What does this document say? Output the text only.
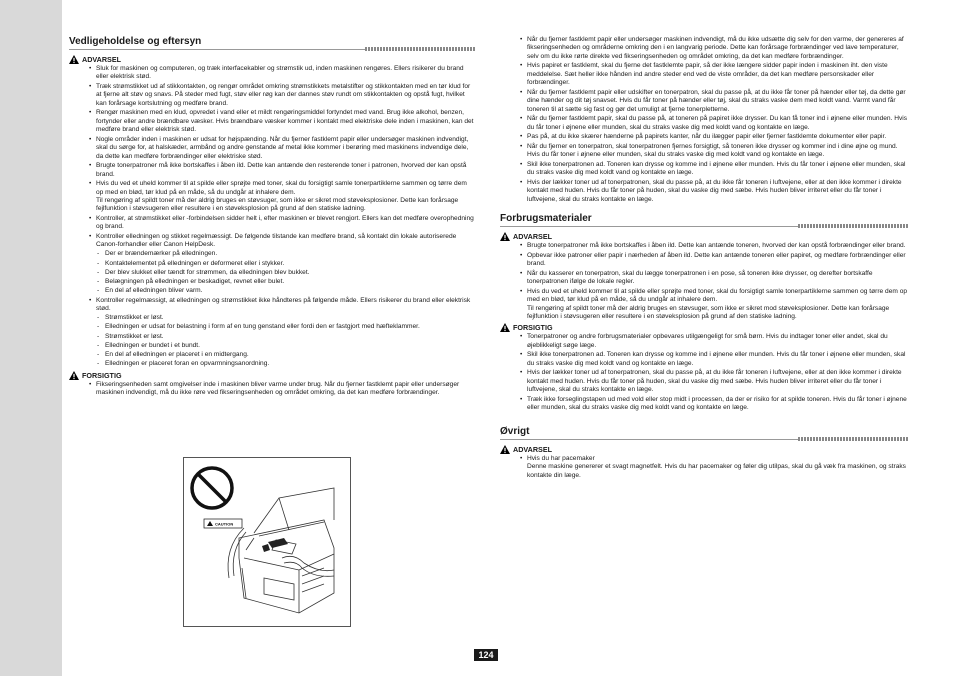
Vedligeholdelse og eftersyn
ADVARSEL
• Sluk for maskinen og computeren, og træk interfacekabler og strømstik ud, inden maskinen rengøres. Ellers risikerer du brand eller elektrisk stød.
• Træk strømstikket ud af stikkontakten, og rengør området omkring strømstikkets metalstifter og stikkontakten med en tør klud for at fjerne alt støv og snavs. På steder med fugt, støv eller røg kan der dannes støv rundt om stikkontakten og opstå fugt, hvilket kan forårsage kortslutning og medføre brand.
• Rengør maskinen med en klud, opvredet i vand eller et mildt rengøringsmiddel fortyndet med vand. Brug ikke alkohol, benzen, fortynder eller andre brændbare væsker. Hvis brændbare væsker kommer i kontakt med elektriske dele inden i maskinen, kan det medføre brand eller elektrisk stød.
• Nogle områder inden i maskinen er udsat for højspænding. Når du fjerner fastklemt papir eller undersøger maskinen indvendigt, skal du sørge for, at halskæder, armbånd og andre genstande af metal ikke kommer i berøring med maskinens indvendige dele, da dette kan medføre forbrændinger eller elektriske stød.
• Brugte tonerpatroner må ikke bortskaffes i åben ild. Dette kan antænde den resterende toner i patronen, hvorved der kan opstå brand.
• Hvis du ved et uheld kommer til at spilde eller sprøjte med toner, skal du forsigtigt samle tonerpartiklerne sammen og tørre dem op med en blød, tør klud på en måde, så du undgår at inhalere dem.
Til rengøring af spildt toner må der aldrig bruges en støvsuger, som ikke er sikret mod støveksplosioner. Dette kan forårsage fejlfunktion i støvsugeren eller resultere i en støveksplosion på grund af den statiske ladning.
• Kontroller, at strømstikket eller -forbindelsen sidder helt i, efter maskinen er blevet rengjort. Ellers kan det medføre overophedning og brand.
• Kontroller elledningen og stikket regelmæssigt. De følgende tilstande kan medføre brand, så kontakt din lokale autoriserede Canon-forhandler eller Canon HelpDesk.
- Der er brændemærker på elledningen.
- Kontaktelementet på elledningen er deformeret eller i stykker.
- Der blev slukket eller tændt for strømmen, da elledningen blev bukket.
- Belægningen på elledningen er beskadiget, revnet eller bulet.
- En del af elledningen bliver varm.
• Kontroller regelmæssigt, at elledningen og strømstikket ikke håndteres på følgende måde. Ellers risikerer du brand eller elektrisk stød.
- Strømstikket er løst.
- Elledningen er udsat for belastning i form af en tung genstand eller fordi den er fastgjort med hæfteklammer.
- Strømstikket er løst.
- Elledningen er bundet i et bundt.
- En del af elledningen er placeret i en midtergang.
- Elledningen er placeret foran en opvarmningsanordning.
FORSIGTIG
• Fikseringsenheden samt omgivelser inde i maskinen bliver varme under brug. Når du fjerner fastklemt papir eller undersøger maskinen indvendigt, må du ikke røre ved fikseringsenheden og området omkring, da det kan medføre forbrændinger.
CAUTION
• Når du fjerner fastklemt papir eller undersøger maskinen indvendigt, må du ikke udsætte dig selv for den varme, der genereres af fikseringsenheden og områderne omkring den i en langvarig periode. Dette kan forårsage forbrændinger ved lave temperaturer, selv om du ikke rørte direkte ved fikseringsenheden og området omkring, da det kan medføre forbrændinger.
• Hvis papiret er fastklemt, skal du fjerne det fastklemte papir, så der ikke længere sidder papir inden i maskinen iht. den viste meddelelse. Sæt heller ikke hånden ind andre steder end ved de viste områder, da det kan medføre personskader eller forbrændinger.
• Når du fjerner fastklemt papir eller udskifter en tonerpatron, skal du passe på, at du ikke får toner på hænder eller tøj, da dette gør dine hænder og dit tøj snavset. Hvis du får toner på hænder eller tøj, skal du straks vaske dem med koldt vand. Varmt vand får toneren til at sætte sig fast og gør det umuligt at fjerne tonerpletterne.
• Når du fjerner fastklemt papir, skal du passe på, at toneren på papiret ikke drysser. Du kan få toner ind i øjnene eller munden. Hvis du får toner i øjnene eller munden, skal du straks vaske dig med koldt vand og kontakte en læge.
• Pas på, at du ikke skærer hænderne på papirets kanter, når du ilægger papir eller fjerner fastklemte dokumenter eller papir.
• Når du fjerner en tonerpatron, skal tonerpatronen fjernes forsigtigt, så toneren ikke drysser og kommer ind i dine øjne og mund. Hvis du får toner i øjnene eller munden, skal du straks vaske dig med koldt vand og kontakte en læge.
• Skil ikke tonerpatronen ad. Toneren kan drysse og komme ind i øjnene eller munden. Hvis du får toner i øjnene eller munden, skal du straks vaske dig med koldt vand og kontakte en læge.
• Hvis der lækker toner ud af tonerpatronen, skal du passe på, at du ikke får toneren i luftvejene, eller at den ikke kommer i direkte kontakt med huden. Hvis du får toner på huden, skal du vaske dig med sæbe. Hvis huden bliver irriteret eller du får toner i luftvejene, skal du straks kontakte en læge.
Forbrugsmaterialer
ADVARSEL
• Brugte tonerpatroner må ikke bortskaffes i åben ild. Dette kan antænde toneren, hvorved der kan opstå forbrændinger eller brand.
• Opbevar ikke patroner eller papir i nærheden af åben ild. Dette kan antænde toneren eller papiret, og medføre forbrændinger eller brand.
• Når du kasserer en tonerpatron, skal du lægge tonerpatronen i en pose, så toneren ikke drysser, og derefter bortskaffe tonerpatronen ifølge de lokale regler.
• Hvis du ved et uheld kommer til at spilde eller sprøjte med toner, skal du forsigtigt samle tonerpartiklerne sammen og tørre dem op med en blød, tør klud på en måde, så du undgår at inhalere dem.
Til rengøring af spildt toner må der aldrig bruges en støvsuger, som ikke er sikret mod støveksplosioner. Dette kan forårsage fejlfunktion i støvsugeren eller resultere i en støveksplosion på grund af den statiske ladning.
FORSIGTIG
• Tonerpatroner og andre forbrugsmaterialer opbevares utilgængeligt for små børn. Hvis du indtager toner eller andet, skal du øjeblikkeligt søge læge.
• Skil ikke tonerpatronen ad. Toneren kan drysse og komme ind i øjnene eller munden. Hvis du får toner i øjnene eller munden, skal du straks vaske dig med koldt vand og kontakte en læge.
• Hvis der lækker toner ud af tonerpatronen, skal du passe på, at du ikke får toneren i luftvejene, eller at den ikke kommer i direkte kontakt med huden. Hvis du får toner på huden, skal du vaske dig med sæbe. Hvis huden bliver irriteret eller du får toner i luftvejene, skal du straks kontakte en læge.
• Træk ikke forseglingstapen ud med vold eller stop midt i processen, da der er risiko for at spilde toneren. Hvis du får toner i øjnene eller munden, skal du straks vaske dig med koldt vand og kontakte en læge.
Øvrigt
ADVARSEL
• Hvis du har pacemaker
Denne maskine genererer et svagt magnetfelt. Hvis du har pacemaker og føler dig utilpas, skal du gå væk fra maskinen, og straks kontakte din læge.
124
